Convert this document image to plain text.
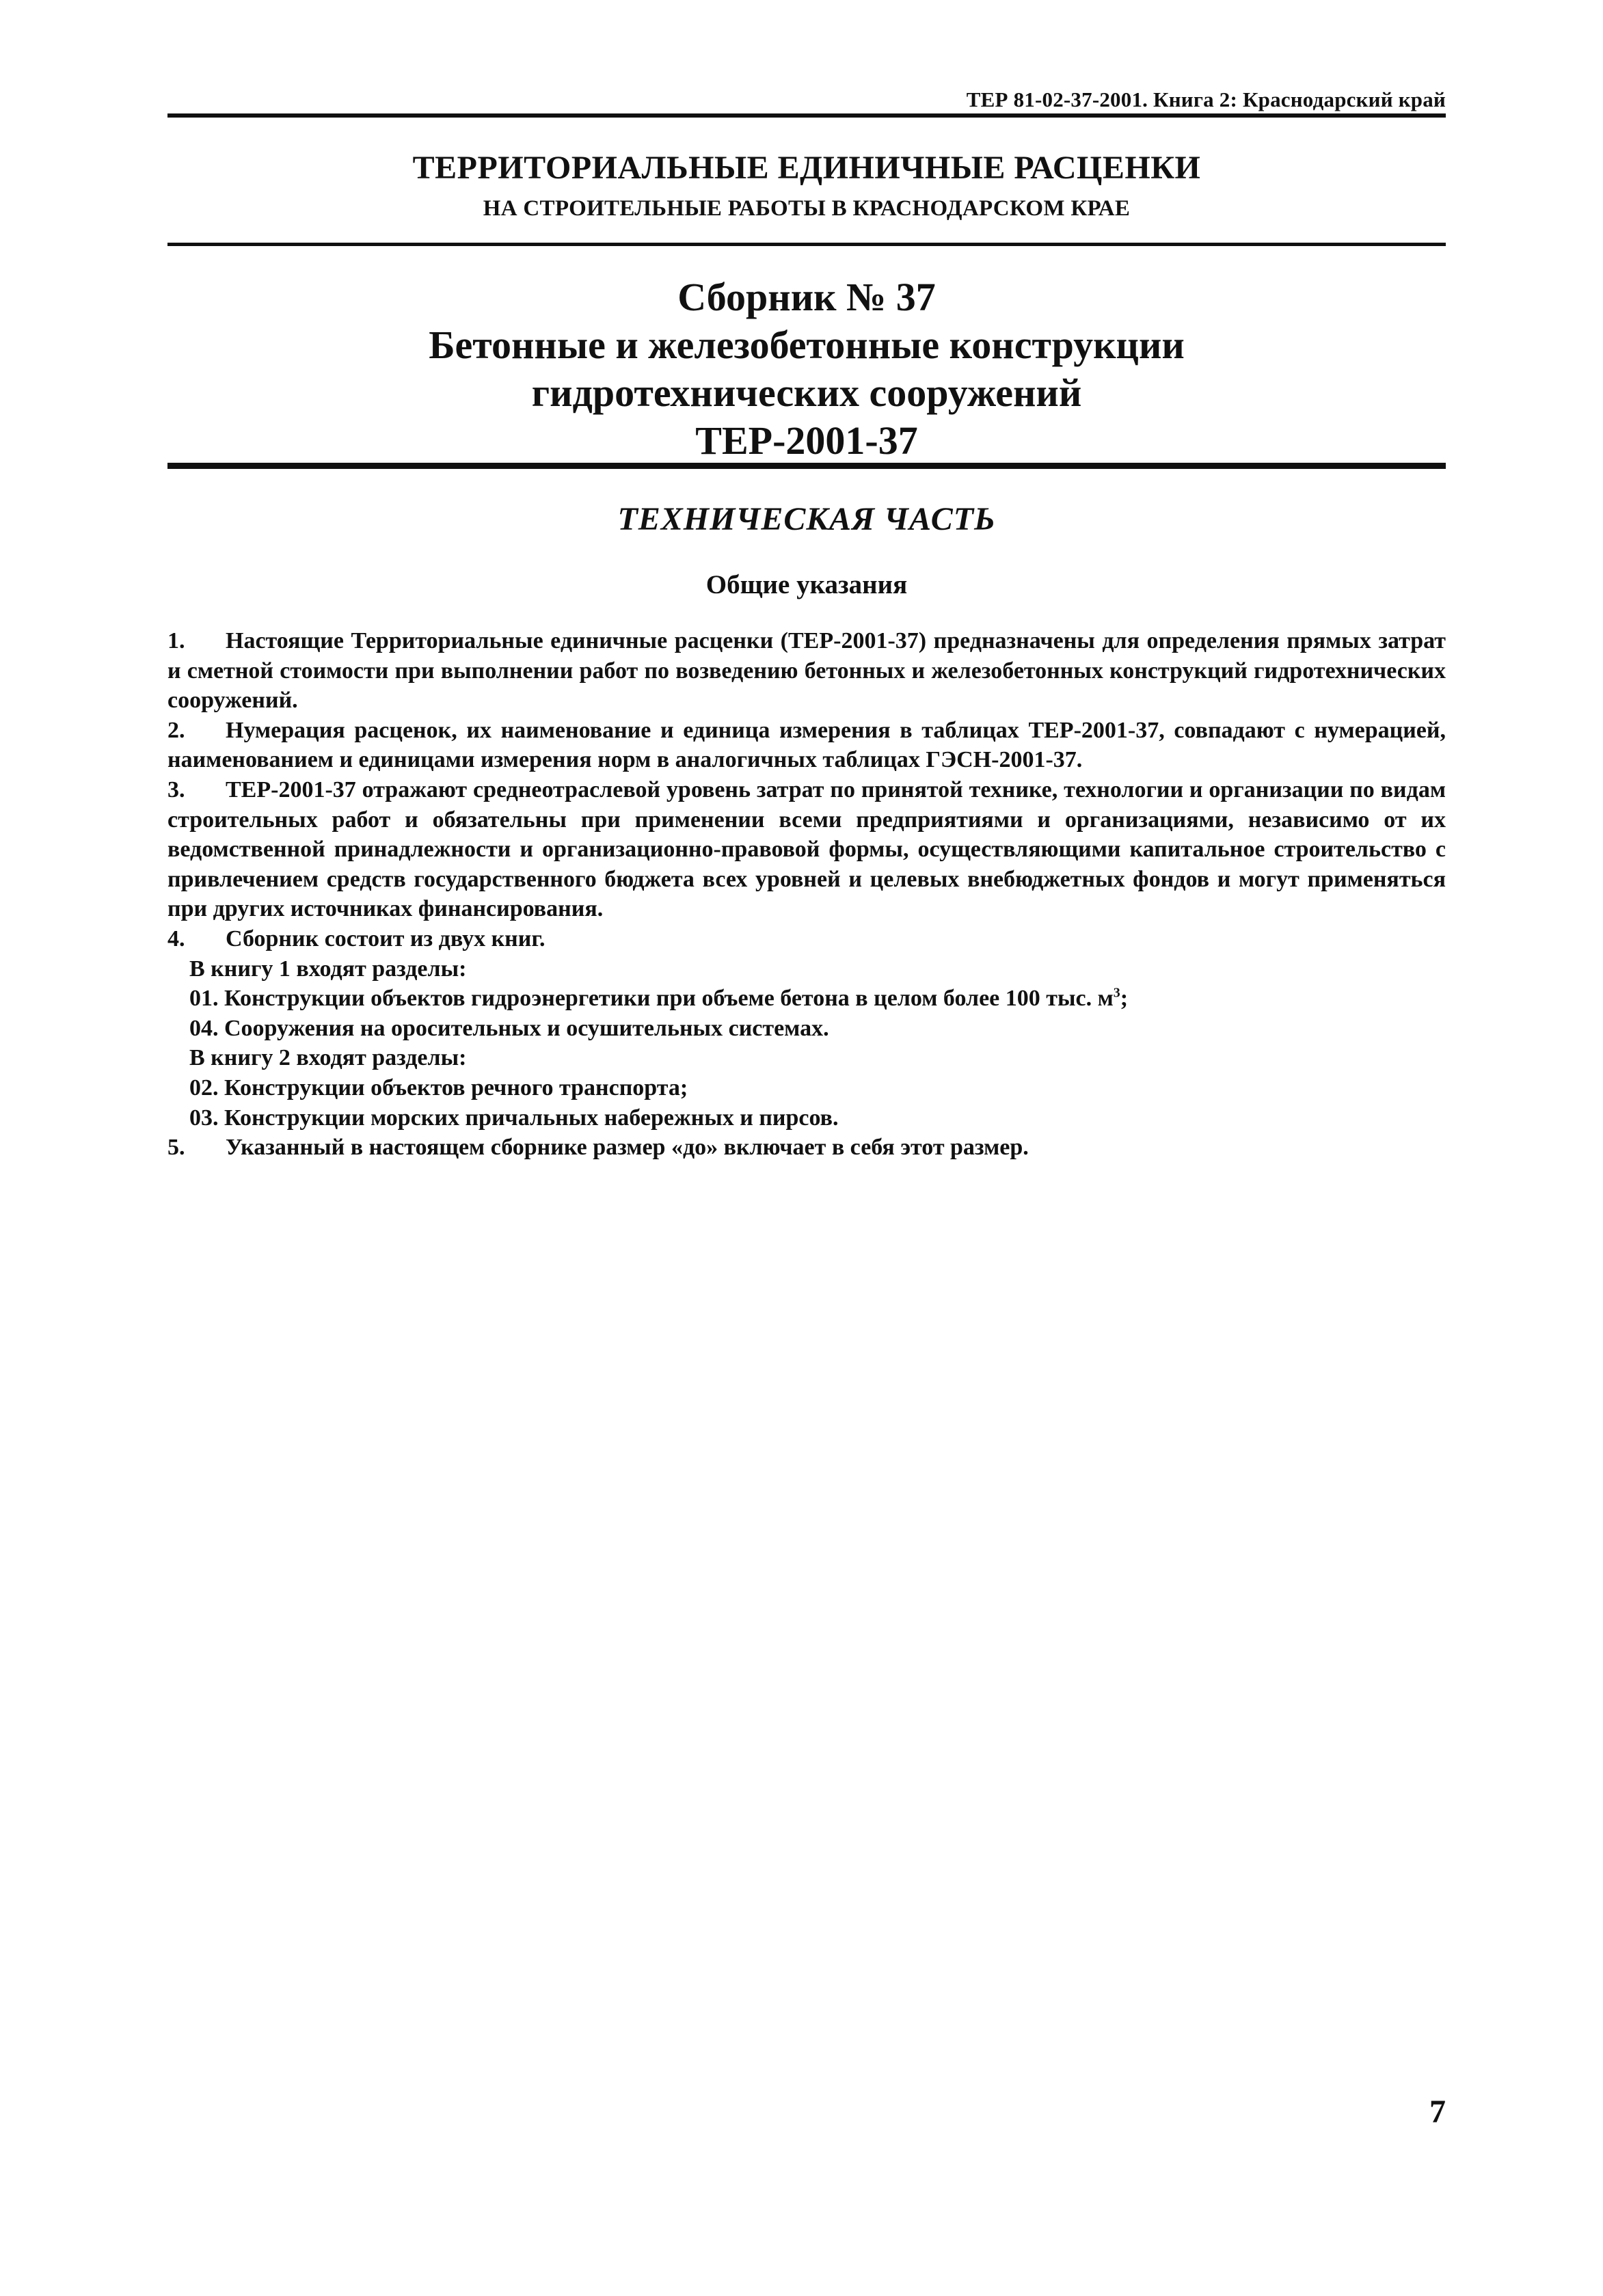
ТЕР 81-02-37-2001. Книга 2: Краснодарский край
ТЕРРИТОРИАЛЬНЫЕ ЕДИНИЧНЫЕ РАСЦЕНКИ
НА СТРОИТЕЛЬНЫЕ РАБОТЫ В КРАСНОДАРСКОМ КРАЕ
Сборник № 37
Бетонные и железобетонные конструкции
гидротехнических сооружений
ТЕР-2001-37
ТЕХНИЧЕСКАЯ ЧАСТЬ
Общие указания

1. Настоящие Территориальные единичные расценки (ТЕР-2001-37) предназначены для определения прямых затрат и сметной стоимости при выполнении работ по возведению бетонных и железобетонных конструкций гидротехнических сооружений.

2. Нумерация расценок, их наименование и единица измерения в таблицах ТЕР-2001-37, совпадают с нумерацией, наименованием и единицами измерения норм в аналогичных таблицах ГЭСН-2001-37.

3. ТЕР-2001-37 отражают среднеотраслевой уровень затрат по принятой технике, технологии и организации по видам строительных работ и обязательны при применении всеми предприятиями и организациями, независимо от их ведомственной принадлежности и организационно-правовой формы, осуществляющими капитальное строительство с привлечением средств государственного бюджета всех уровней и целевых внебюджетных фондов и могут применяться при других источниках финансирования.

4. Сборник состоит из двух книг.

В книгу 1 входят разделы:

01. Конструкции объектов гидроэнергетики при объеме бетона в целом более 100 тыс. $м^3$;

04. Сооружения на оросительных и осушительных системах.

В книгу 2 входят разделы:

02. Конструкции объектов речного транспорта;

03. Конструкции морских причальных набережных и пирсов.

5. Указанный в настоящем сборнике размер «до» включает в себя этот размер.

7
